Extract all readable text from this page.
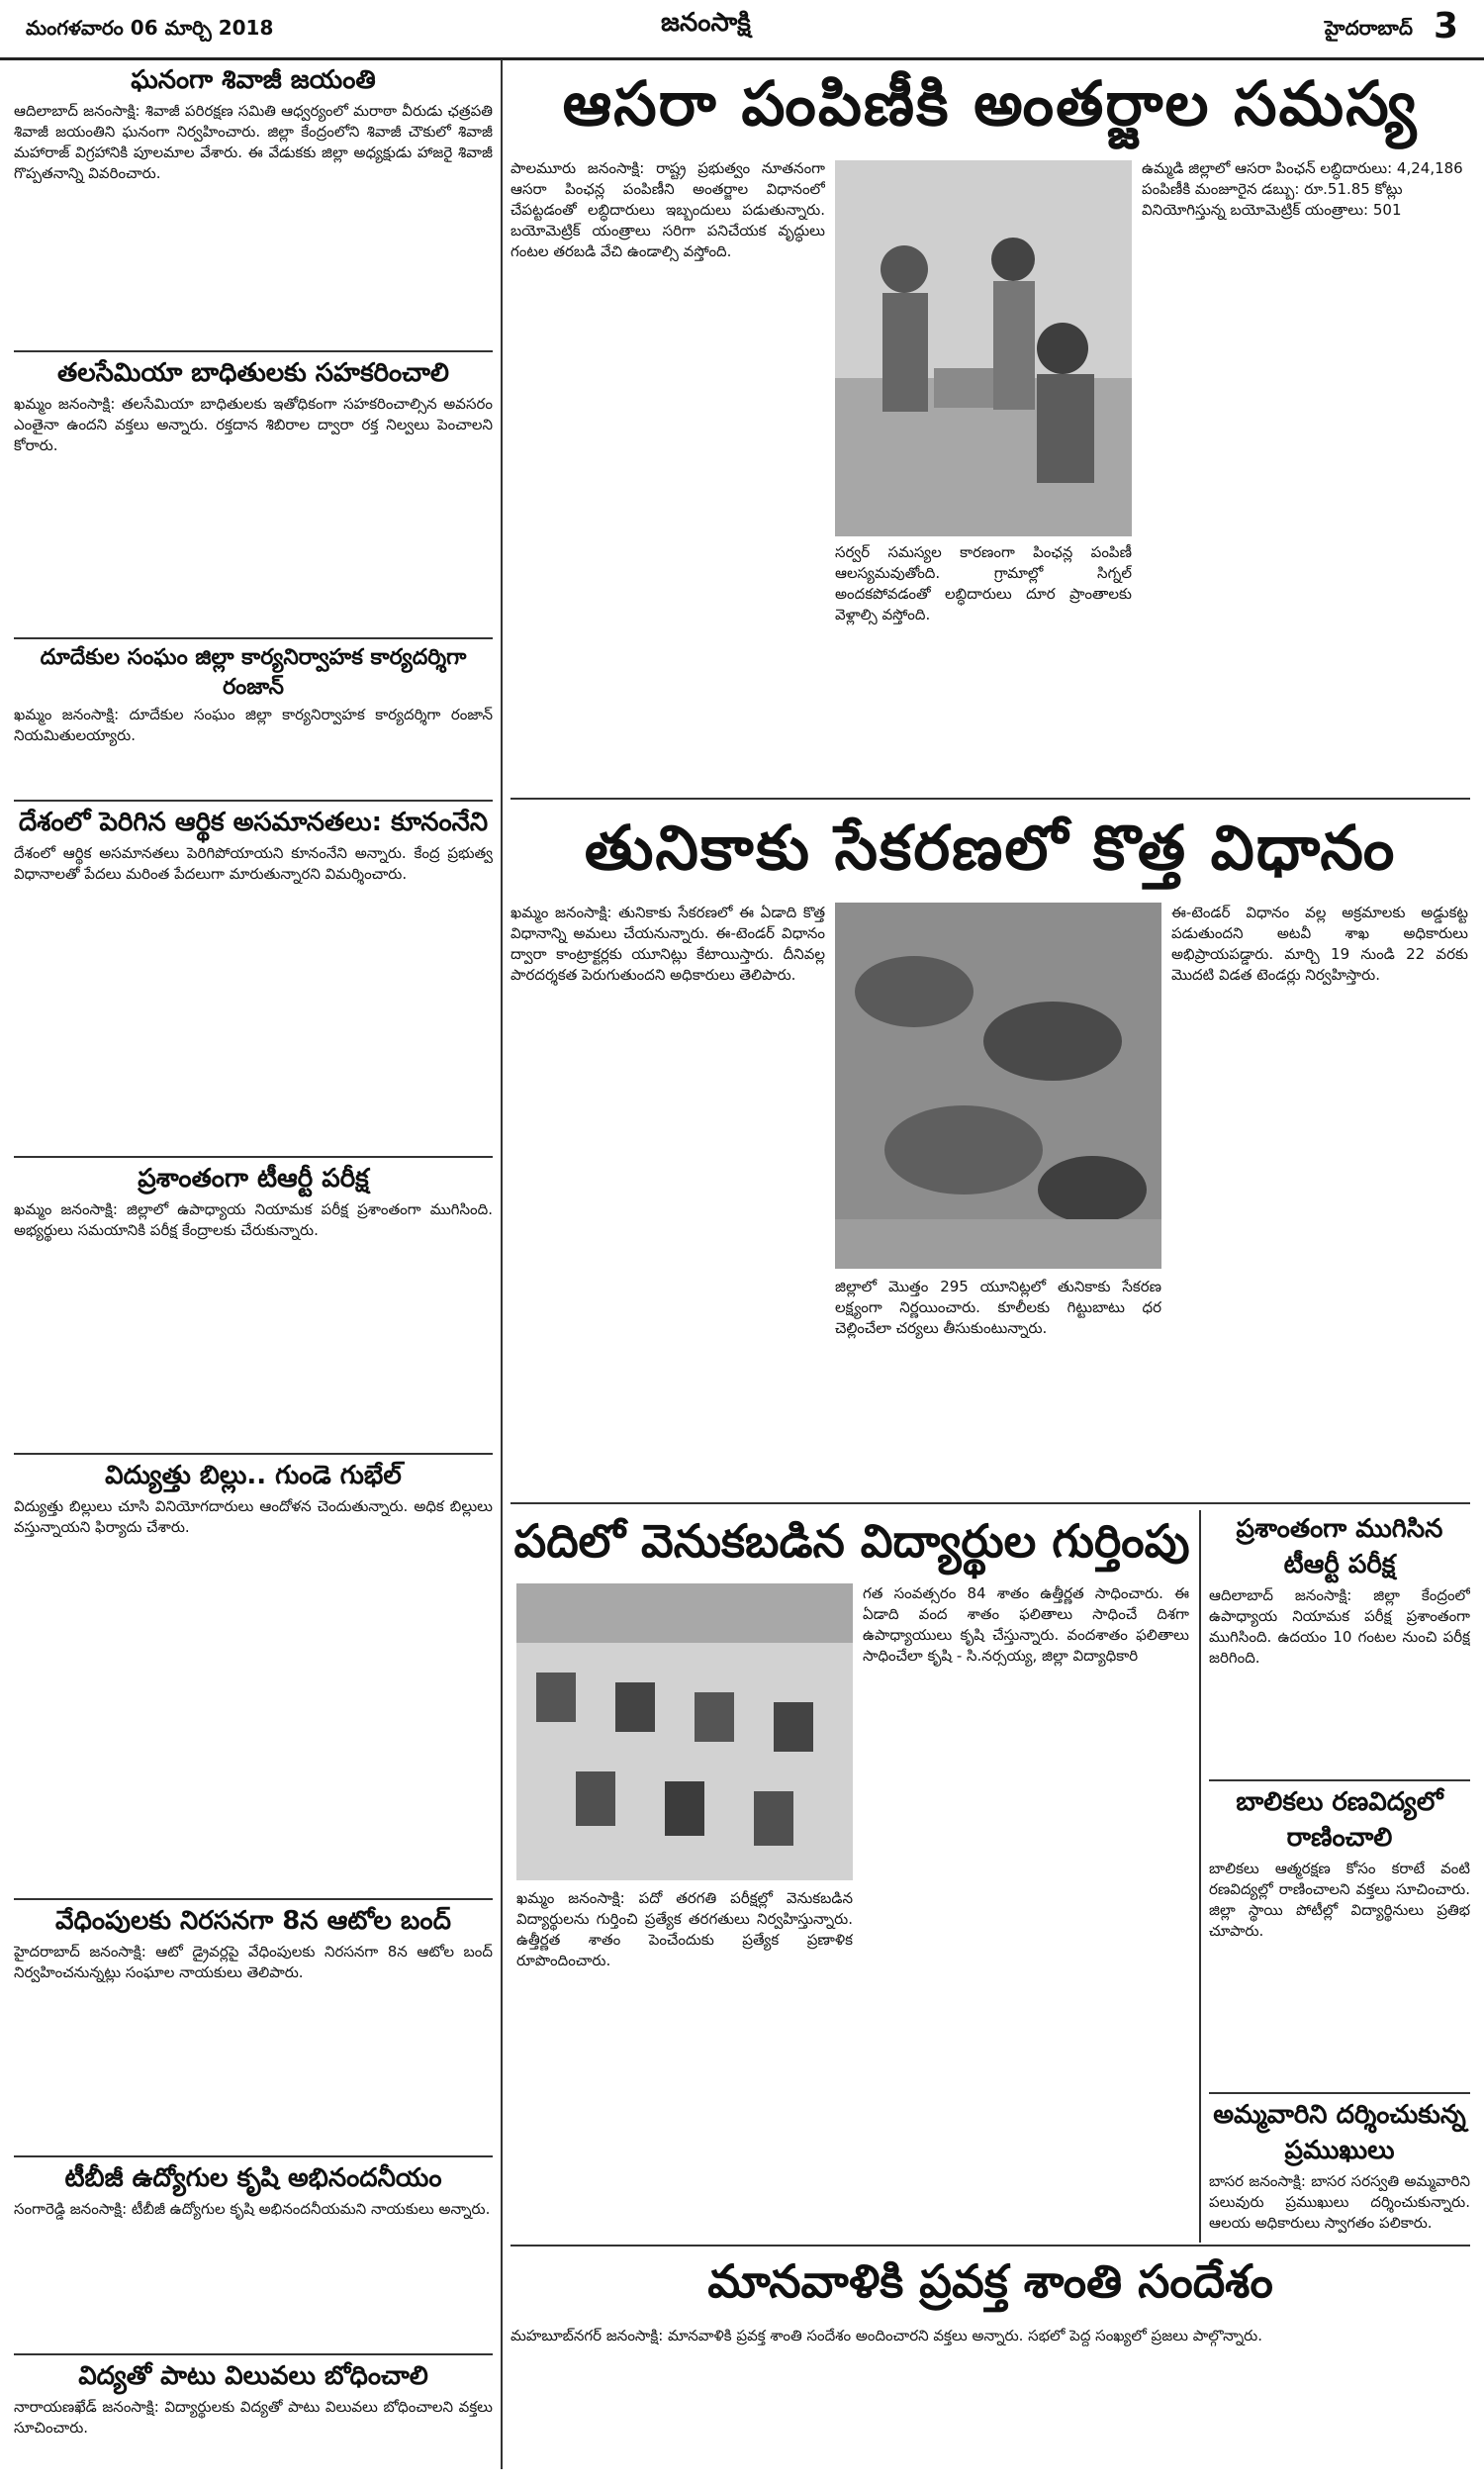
మంగళవారం 06 మార్చి 2018	జనంసాక్షి	హైదరాబాద్ 3
ఘనంగా శివాజీ జయంతి
ఆదిలాబాద్ జనంసాక్షి: శివాజీ పరిరక్షణ సమితి ఆధ్వర్యంలో మరాఠా వీరుడు ఛత్రపతి శివాజీ జయంతిని ఘనంగా నిర్వహించారు. జిల్లా కేంద్రంలోని శివాజీ చౌకులో శివాజీ మహారాజ్ విగ్రహానికి పూలమాల వేశారు. ఈ వేడుకకు జిల్లా అధ్యక్షుడు హాజరై శివాజీ గొప్పతనాన్ని వివరించారు.
తలసేమియా బాధితులకు సహకరించాలి
ఖమ్మం జనంసాక్షి: తలసేమియా బాధితులకు ఇతోధికంగా సహకరించాల్సిన అవసరం ఎంతైనా ఉందని వక్తలు అన్నారు. రక్తదాన శిబిరాల ద్వారా రక్త నిల్వలు పెంచాలని కోరారు.
దూదేకుల సంఘం జిల్లా కార్యనిర్వాహక కార్యదర్శిగా రంజాన్
ఖమ్మం జనంసాక్షి: దూదేకుల సంఘం జిల్లా కార్యనిర్వాహక కార్యదర్శిగా రంజాన్ నియమితులయ్యారు.
దేశంలో పెరిగిన ఆర్థిక అసమానతలు: కూనంనేని
దేశంలో ఆర్థిక అసమానతలు పెరిగిపోయాయని కూనంనేని అన్నారు. కేంద్ర ప్రభుత్వ విధానాలతో పేదలు మరింత పేదలుగా మారుతున్నారని విమర్శించారు.
ప్రశాంతంగా టీఆర్టీ పరీక్ష
ఖమ్మం జనంసాక్షి: జిల్లాలో ఉపాధ్యాయ నియామక పరీక్ష ప్రశాంతంగా ముగిసింది. అభ్యర్థులు సమయానికి పరీక్ష కేంద్రాలకు చేరుకున్నారు.
విద్యుత్తు బిల్లు.. గుండె గుభేల్
విద్యుత్తు బిల్లులు చూసి వినియోగదారులు ఆందోళన చెందుతున్నారు. అధిక బిల్లులు వస్తున్నాయని ఫిర్యాదు చేశారు.
వేధింపులకు నిరసనగా 8న ఆటోల బంద్
హైదరాబాద్ జనంసాక్షి: ఆటో డ్రైవర్లపై వేధింపులకు నిరసనగా 8న ఆటోల బంద్ నిర్వహించనున్నట్లు సంఘాల నాయకులు తెలిపారు.
టీబీజీ ఉద్యోగుల కృషి అభినందనీయం
సంగారెడ్డి జనంసాక్షి: టీబీజీ ఉద్యోగుల కృషి అభినందనీయమని నాయకులు అన్నారు.
విద్యతో పాటు విలువలు బోధించాలి
నారాయణఖేడ్ జనంసాక్షి: విద్యార్థులకు విద్యతో పాటు విలువలు బోధించాలని వక్తలు సూచించారు.
ఆసరా పంపిణీకి అంతర్జాల సమస్య
పాలమూరు జనంసాక్షి: రాష్ట్ర ప్రభుత్వం నూతనంగా ఆసరా పింఛన్ల పంపిణీని అంతర్జాల విధానంలో చేపట్టడంతో లబ్ధిదారులు ఇబ్బందులు పడుతున్నారు. బయోమెట్రిక్ యంత్రాలు సరిగా పనిచేయక వృద్ధులు గంటల తరబడి వేచి ఉండాల్సి వస్తోంది.
సర్వర్ సమస్యల కారణంగా పింఛన్ల పంపిణీ ఆలస్యమవుతోంది. గ్రామాల్లో సిగ్నల్ అందకపోవడంతో లబ్ధిదారులు దూర ప్రాంతాలకు వెళ్లాల్సి వస్తోంది.
ఉమ్మడి జిల్లాలో ఆసరా పింఛన్ లబ్ధిదారులు: 4,24,186
పంపిణీకి మంజూరైన డబ్బు: రూ.51.85 కోట్లు
వినియోగిస్తున్న బయోమెట్రిక్ యంత్రాలు: 501
తునికాకు సేకరణలో కొత్త విధానం
ఖమ్మం జనంసాక్షి: తునికాకు సేకరణలో ఈ ఏడాది కొత్త విధానాన్ని అమలు చేయనున్నారు. ఈ-టెండర్ విధానం ద్వారా కాంట్రాక్టర్లకు యూనిట్లు కేటాయిస్తారు. దీనివల్ల పారదర్శకత పెరుగుతుందని అధికారులు తెలిపారు.
జిల్లాలో మొత్తం 295 యూనిట్లలో తునికాకు సేకరణ లక్ష్యంగా నిర్ణయించారు. కూలీలకు గిట్టుబాటు ధర చెల్లించేలా చర్యలు తీసుకుంటున్నారు.
ఈ-టెండర్ విధానం వల్ల అక్రమాలకు అడ్డుకట్ట పడుతుందని అటవీ శాఖ అధికారులు అభిప్రాయపడ్డారు. మార్చి 19 నుండి 22 వరకు మొదటి విడత టెండర్లు నిర్వహిస్తారు.
పదిలో వెనుకబడిన విద్యార్థుల గుర్తింపు
ఖమ్మం జనంసాక్షి: పదో తరగతి పరీక్షల్లో వెనుకబడిన విద్యార్థులను గుర్తించి ప్రత్యేక తరగతులు నిర్వహిస్తున్నారు. ఉత్తీర్ణత శాతం పెంచేందుకు ప్రత్యేక ప్రణాళిక రూపొందించారు.
గత సంవత్సరం 84 శాతం ఉత్తీర్ణత సాధించారు. ఈ ఏడాది వంద శాతం ఫలితాలు సాధించే దిశగా ఉపాధ్యాయులు కృషి చేస్తున్నారు. వందశాతం ఫలితాలు సాధించేలా కృషి - సి.నర్సయ్య, జిల్లా విద్యాధికారి
ప్రశాంతంగా ముగిసిన టీఆర్టీ పరీక్ష
ఆదిలాబాద్ జనంసాక్షి: జిల్లా కేంద్రంలో ఉపాధ్యాయ నియామక పరీక్ష ప్రశాంతంగా ముగిసింది. ఉదయం 10 గంటల నుంచి పరీక్ష జరిగింది.
బాలికలు రణవిద్యలో రాణించాలి
బాలికలు ఆత్మరక్షణ కోసం కరాటే వంటి రణవిద్యల్లో రాణించాలని వక్తలు సూచించారు. జిల్లా స్థాయి పోటీల్లో విద్యార్థినులు ప్రతిభ చూపారు.
అమ్మవారిని దర్శించుకున్న ప్రముఖులు
బాసర జనంసాక్షి: బాసర సరస్వతి అమ్మవారిని పలువురు ప్రముఖులు దర్శించుకున్నారు. ఆలయ అధికారులు స్వాగతం పలికారు.
మానవాళికి ప్రవక్త శాంతి సందేశం
మహబూబ్‌నగర్ జనంసాక్షి: మానవాళికి ప్రవక్త శాంతి సందేశం అందించారని వక్తలు అన్నారు. సభలో పెద్ద సంఖ్యలో ప్రజలు పాల్గొన్నారు.
